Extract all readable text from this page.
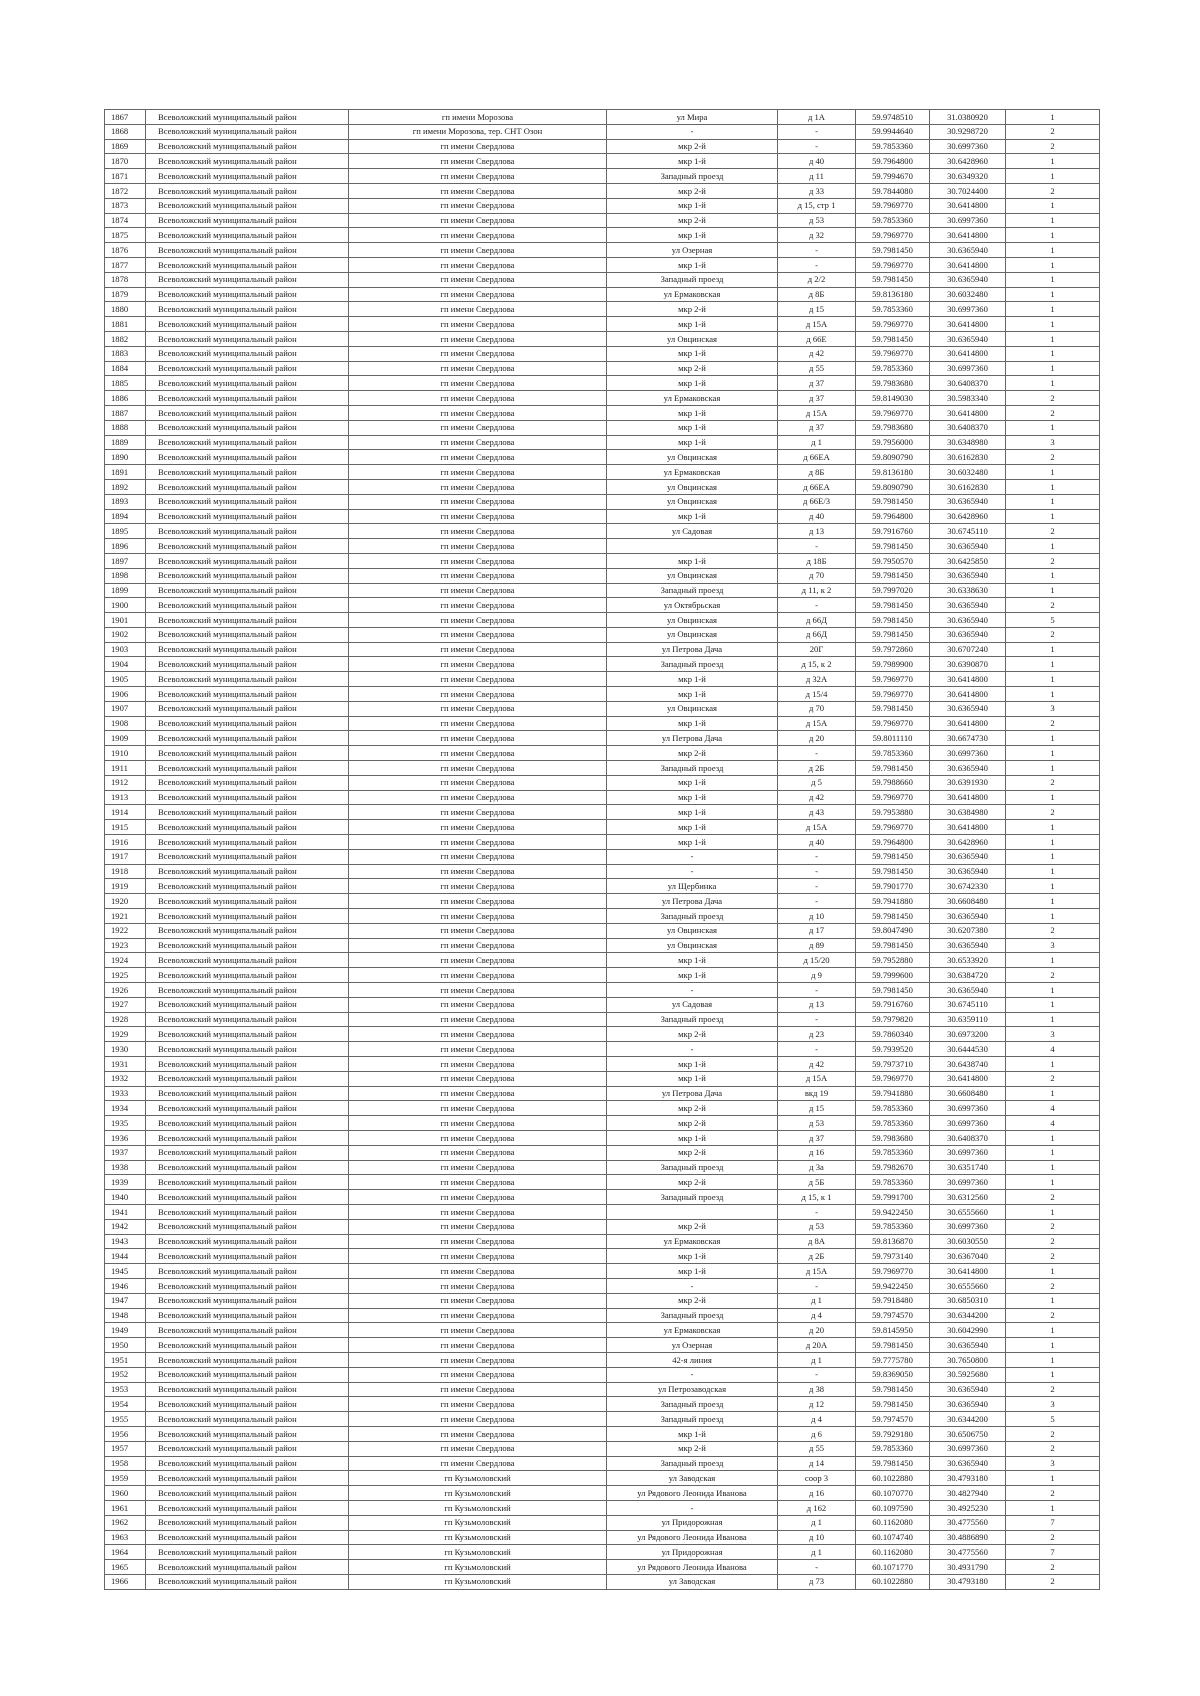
1867	Всеволожский муниципальный район	гп имени Морозова	ул Мира	д 1А	59.9748510	31.0380920	1
1868	Всеволожский муниципальный район	гп имени Морозова, тер. СНТ Озон	-	-	59.9944640	30.9298720	2
1869	Всеволожский муниципальный район	гп имени Свердлова	мкр 2-й	-	59.7853360	30.6997360	2
1870	Всеволожский муниципальный район	гп имени Свердлова	мкр 1-й	д 40	59.7964800	30.6428960	1
1871	Всеволожский муниципальный район	гп имени Свердлова	Западный проезд	д 11	59.7994670	30.6349320	1
1872	Всеволожский муниципальный район	гп имени Свердлова	мкр 2-й	д 33	59.7844080	30.7024400	2
1873	Всеволожский муниципальный район	гп имени Свердлова	мкр 1-й	д 15, стр 1	59.7969770	30.6414800	1
1874	Всеволожский муниципальный район	гп имени Свердлова	мкр 2-й	д 53	59.7853360	30.6997360	1
1875	Всеволожский муниципальный район	гп имени Свердлова	мкр 1-й	д 32	59.7969770	30.6414800	1
1876	Всеволожский муниципальный район	гп имени Свердлова	ул Озерная	-	59.7981450	30.6365940	1
1877	Всеволожский муниципальный район	гп имени Свердлова	мкр 1-й	-	59.7969770	30.6414800	1
1878	Всеволожский муниципальный район	гп имени Свердлова	Западный проезд	д 2/2	59.7981450	30.6365940	1
1879	Всеволожский муниципальный район	гп имени Свердлова	ул Ермаковская	д 8Б	59.8136180	30.6032480	1
1880	Всеволожский муниципальный район	гп имени Свердлова	мкр 2-й	д 15	59.7853360	30.6997360	1
1881	Всеволожский муниципальный район	гп имени Свердлова	мкр 1-й	д 15А	59.7969770	30.6414800	1
1882	Всеволожский муниципальный район	гп имени Свердлова	ул Овцинская	д 66Е	59.7981450	30.6365940	1
1883	Всеволожский муниципальный район	гп имени Свердлова	мкр 1-й	д 42	59.7969770	30.6414800	1
1884	Всеволожский муниципальный район	гп имени Свердлова	мкр 2-й	д 55	59.7853360	30.6997360	1
1885	Всеволожский муниципальный район	гп имени Свердлова	мкр 1-й	д 37	59.7983680	30.6408370	1
1886	Всеволожский муниципальный район	гп имени Свердлова	ул Ермаковская	д 37	59.8149030	30.5983340	2
1887	Всеволожский муниципальный район	гп имени Свердлова	мкр 1-й	д 15А	59.7969770	30.6414800	2
1888	Всеволожский муниципальный район	гп имени Свердлова	мкр 1-й	д 37	59.7983680	30.6408370	1
1889	Всеволожский муниципальный район	гп имени Свердлова	мкр 1-й	д 1	59.7956000	30.6348980	3
1890	Всеволожский муниципальный район	гп имени Свердлова	ул Овцинская	д 66ЕА	59.8090790	30.6162830	2
1891	Всеволожский муниципальный район	гп имени Свердлова	ул Ермаковская	д 8Б	59.8136180	30.6032480	1
1892	Всеволожский муниципальный район	гп имени Свердлова	ул Овцинская	д 66ЕА	59.8090790	30.6162830	1
1893	Всеволожский муниципальный район	гп имени Свердлова	ул Овцинская	д 66Е/3	59.7981450	30.6365940	1
1894	Всеволожский муниципальный район	гп имени Свердлова	мкр 1-й	д 40	59.7964800	30.6428960	1
1895	Всеволожский муниципальный район	гп имени Свердлова	ул Садовая	д 13	59.7916760	30.6745110	2
1896	Всеволожский муниципальный район	гп имени Свердлова		-	59.7981450	30.6365940	1
1897	Всеволожский муниципальный район	гп имени Свердлова	мкр 1-й	д 18Б	59.7950570	30.6425850	2
1898	Всеволожский муниципальный район	гп имени Свердлова	ул Овцинская	д 70	59.7981450	30.6365940	1
1899	Всеволожский муниципальный район	гп имени Свердлова	Западный проезд	д 11, к 2	59.7997020	30.6338630	1
1900	Всеволожский муниципальный район	гп имени Свердлова	ул Октябрьская	-	59.7981450	30.6365940	2
1901	Всеволожский муниципальный район	гп имени Свердлова	ул Овцинская	д 66Д	59.7981450	30.6365940	5
1902	Всеволожский муниципальный район	гп имени Свердлова	ул Овцинская	д 66Д	59.7981450	30.6365940	2
1903	Всеволожский муниципальный район	гп имени Свердлова	ул Петрова Дача	20Г	59.7972860	30.6707240	1
1904	Всеволожский муниципальный район	гп имени Свердлова	Западный проезд	д 15, к 2	59.7989900	30.6390870	1
1905	Всеволожский муниципальный район	гп имени Свердлова	мкр 1-й	д 32А	59.7969770	30.6414800	1
1906	Всеволожский муниципальный район	гп имени Свердлова	мкр 1-й	д 15/4	59.7969770	30.6414800	1
1907	Всеволожский муниципальный район	гп имени Свердлова	ул Овцинская	д 70	59.7981450	30.6365940	3
1908	Всеволожский муниципальный район	гп имени Свердлова	мкр 1-й	д 15А	59.7969770	30.6414800	2
1909	Всеволожский муниципальный район	гп имени Свердлова	ул Петрова Дача	д 20	59.8011110	30.6674730	1
1910	Всеволожский муниципальный район	гп имени Свердлова	мкр 2-й	-	59.7853360	30.6997360	1
1911	Всеволожский муниципальный район	гп имени Свердлова	Западный проезд	д 2Б	59.7981450	30.6365940	1
1912	Всеволожский муниципальный район	гп имени Свердлова	мкр 1-й	д 5	59.7988660	30.6391930	2
1913	Всеволожский муниципальный район	гп имени Свердлова	мкр 1-й	д 42	59.7969770	30.6414800	1
1914	Всеволожский муниципальный район	гп имени Свердлова	мкр 1-й	д 43	59.7953880	30.6384980	2
1915	Всеволожский муниципальный район	гп имени Свердлова	мкр 1-й	д 15А	59.7969770	30.6414800	1
1916	Всеволожский муниципальный район	гп имени Свердлова	мкр 1-й	д 40	59.7964800	30.6428960	1
1917	Всеволожский муниципальный район	гп имени Свердлова	-	-	59.7981450	30.6365940	1
1918	Всеволожский муниципальный район	гп имени Свердлова	-	-	59.7981450	30.6365940	1
1919	Всеволожский муниципальный район	гп имени Свердлова	ул Щербинка	-	59.7901770	30.6742330	1
1920	Всеволожский муниципальный район	гп имени Свердлова	ул Петрова Дача	-	59.7941880	30.6608480	1
1921	Всеволожский муниципальный район	гп имени Свердлова	Западный проезд	д 10	59.7981450	30.6365940	1
1922	Всеволожский муниципальный район	гп имени Свердлова	ул Овцинская	д 17	59.8047490	30.6207380	2
1923	Всеволожский муниципальный район	гп имени Свердлова	ул Овцинская	д 89	59.7981450	30.6365940	3
1924	Всеволожский муниципальный район	гп имени Свердлова	мкр 1-й	д 15/20	59.7952880	30.6533920	1
1925	Всеволожский муниципальный район	гп имени Свердлова	мкр 1-й	д 9	59.7999600	30.6384720	2
1926	Всеволожский муниципальный район	гп имени Свердлова	-	-	59.7981450	30.6365940	1
1927	Всеволожский муниципальный район	гп имени Свердлова	ул Садовая	д 13	59.7916760	30.6745110	1
1928	Всеволожский муниципальный район	гп имени Свердлова	Западный проезд	-	59.7979820	30.6359110	1
1929	Всеволожский муниципальный район	гп имени Свердлова	мкр 2-й	д 23	59.7860340	30.6973200	3
1930	Всеволожский муниципальный район	гп имени Свердлова	-	-	59.7939520	30.6444530	4
1931	Всеволожский муниципальный район	гп имени Свердлова	мкр 1-й	д 42	59.7973710	30.6438740	1
1932	Всеволожский муниципальный район	гп имени Свердлова	мкр 1-й	д 15А	59.7969770	30.6414800	2
1933	Всеволожский муниципальный район	гп имени Свердлова	ул Петрова Дача	вкд 19	59.7941880	30.6608480	1
1934	Всеволожский муниципальный район	гп имени Свердлова	мкр 2-й	д 15	59.7853360	30.6997360	4
1935	Всеволожский муниципальный район	гп имени Свердлова	мкр 2-й	д 53	59.7853360	30.6997360	4
1936	Всеволожский муниципальный район	гп имени Свердлова	мкр 1-й	д 37	59.7983680	30.6408370	1
1937	Всеволожский муниципальный район	гп имени Свердлова	мкр 2-й	д 16	59.7853360	30.6997360	1
1938	Всеволожский муниципальный район	гп имени Свердлова	Западный проезд	д 3а	59.7982670	30.6351740	1
1939	Всеволожский муниципальный район	гп имени Свердлова	мкр 2-й	д 5Б	59.7853360	30.6997360	1
1940	Всеволожский муниципальный район	гп имени Свердлова	Западный проезд	д 15, к 1	59.7991700	30.6312560	2
1941	Всеволожский муниципальный район	гп имени Свердлова		-	59.9422450	30.6555660	1
1942	Всеволожский муниципальный район	гп имени Свердлова	мкр 2-й	д 53	59.7853360	30.6997360	2
1943	Всеволожский муниципальный район	гп имени Свердлова	ул Ермаковская	д 8А	59.8136870	30.6030550	2
1944	Всеволожский муниципальный район	гп имени Свердлова	мкр 1-й	д 2Б	59.7973140	30.6367040	2
1945	Всеволожский муниципальный район	гп имени Свердлова	мкр 1-й	д 15А	59.7969770	30.6414800	1
1946	Всеволожский муниципальный район	гп имени Свердлова	-	-	59.9422450	30.6555660	2
1947	Всеволожский муниципальный район	гп имени Свердлова	мкр 2-й	д 1	59.7918480	30.6850310	1
1948	Всеволожский муниципальный район	гп имени Свердлова	Западный проезд	д 4	59.7974570	30.6344200	2
1949	Всеволожский муниципальный район	гп имени Свердлова	ул Ермаковская	д 20	59.8145950	30.6042990	1
1950	Всеволожский муниципальный район	гп имени Свердлова	ул Озерная	д 20А	59.7981450	30.6365940	1
1951	Всеволожский муниципальный район	гп имени Свердлова	42-я линия	д 1	59.7775780	30.7650800	1
1952	Всеволожский муниципальный район	гп имени Свердлова	-	-	59.8369050	30.5925680	1
1953	Всеволожский муниципальный район	гп имени Свердлова	ул Петрозаводская	д 38	59.7981450	30.6365940	2
1954	Всеволожский муниципальный район	гп имени Свердлова	Западный проезд	д 12	59.7981450	30.6365940	3
1955	Всеволожский муниципальный район	гп имени Свердлова	Западный проезд	д 4	59.7974570	30.6344200	5
1956	Всеволожский муниципальный район	гп имени Свердлова	мкр 1-й	д 6	59.7929180	30.6506750	2
1957	Всеволожский муниципальный район	гп имени Свердлова	мкр 2-й	д 55	59.7853360	30.6997360	2
1958	Всеволожский муниципальный район	гп имени Свердлова	Западный проезд	д 14	59.7981450	30.6365940	3
1959	Всеволожский муниципальный район	гп Кузьмоловский	ул Заводская	соор 3	60.1022880	30.4793180	1
1960	Всеволожский муниципальный район	гп Кузьмоловский	ул Рядового Леонида Иванова	д 16	60.1070770	30.4827940	2
1961	Всеволожский муниципальный район	гп Кузьмоловский	-	д 162	60.1097590	30.4925230	1
1962	Всеволожский муниципальный район	гп Кузьмоловский	ул Придорожная	д 1	60.1162080	30.4775560	7
1963	Всеволожский муниципальный район	гп Кузьмоловский	ул Рядового Леонида Иванова	д 10	60.1074740	30.4886890	2
1964	Всеволожский муниципальный район	гп Кузьмоловский	ул Придорожная	д 1	60.1162080	30.4775560	7
1965	Всеволожский муниципальный район	гп Кузьмоловский	ул Рядового Леонида Иванова	-	60.1071770	30.4931790	2
1966	Всеволожский муниципальный район	гп Кузьмоловский	ул Заводская	д 73	60.1022880	30.4793180	2
